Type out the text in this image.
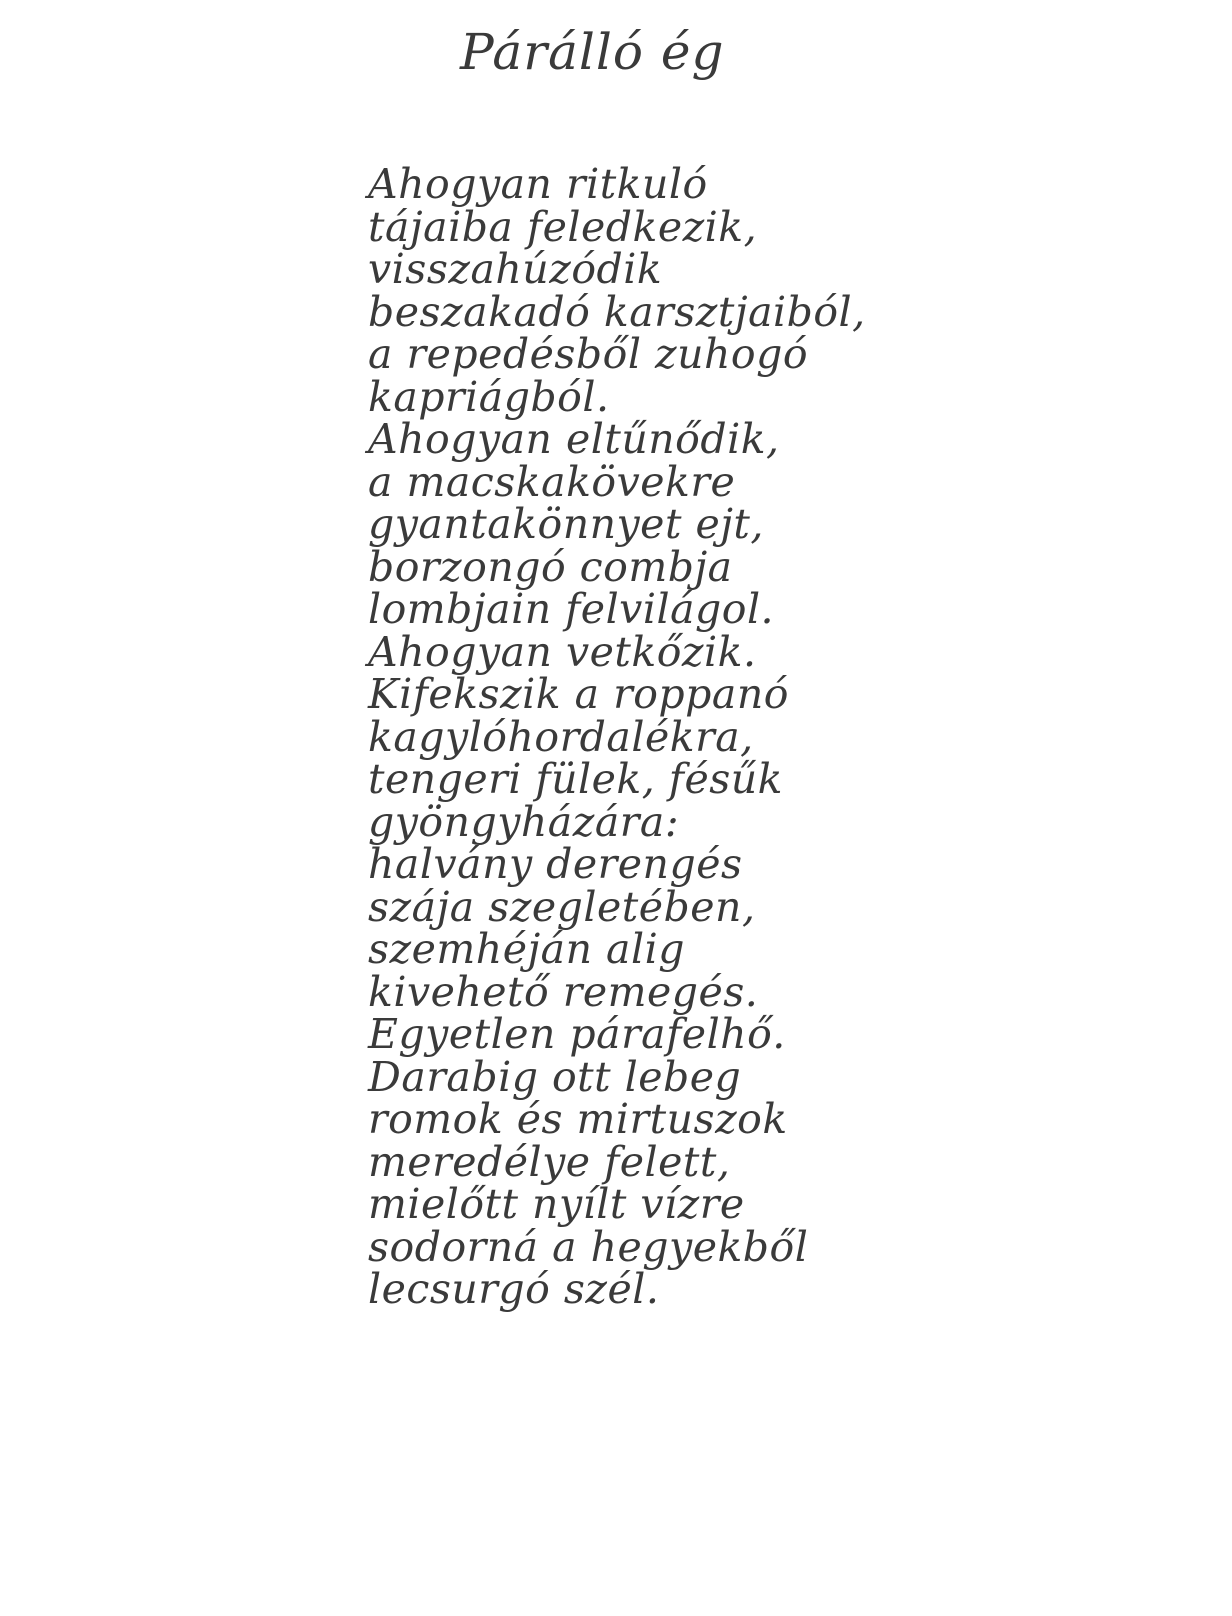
Párálló ég
Ahogyan ritkuló
tájaiba feledkezik,
visszahúzódik
beszakadó karsztjaiból,
a repedésből zuhogó
kapriágból.
Ahogyan eltűnődik,
a macskakövekre
gyantakönnyet ejt,
borzongó combja
lombjain felvilágol.
Ahogyan vetkőzik.
Kifekszik a roppanó
kagylóhordalékra,
tengeri fülek, fésűk
gyöngyházára:
halvány derengés
szája szegletében,
szemhéján alig
kivehető remegés.
Egyetlen párafelhő.
Darabig ott lebeg
romok és mirtuszok
meredélye felett,
mielőtt nyílt vízre
sodorná a hegyekből
lecsurgó szél.
